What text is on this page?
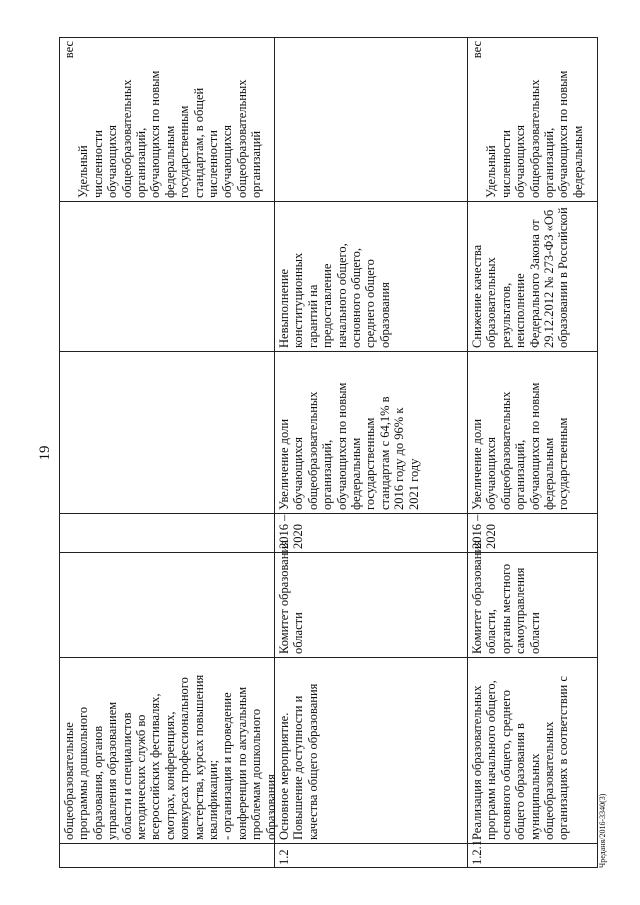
19
общеобразовательные программы дошкольного образования, органов управления образованием области и специалистов методических служб во всероссийских фестивалях, смотрах, конференциях, конкурсах профессионального мастерства, курсах повышения квалификации; - организация и проведение конференции по актуальным проблемам дошкольного образования
вес
Удельный численности обучающихся общеобразовательных организаций, обучающихся по новым федеральным государственным стандартам, в общей численности обучающихся общеобразовательных организаций
1.2
Основное мероприятие. Повышение доступности и качества общего образования
Комитет образования области
2016 – 2020
Увеличение доли обучающихся общеобразовательных организаций, обучающихся по новым федеральным государственным стандартам с 64,1% в 2016 году до 96% к 2021 году
Невыполнение конституционных гарантий на предоставление начального общего, основного общего, среднего общего образования
1.2.1
Реализация образовательных программ начального общего, основного общего, среднего общего образования в муниципальных общеобразовательных организациях в соответствии с
Комитет образования области, органы местного самоуправления области
2016 – 2020
Увеличение доли обучающихся общеобразовательных организаций, обучающихся по новым федеральным государственным
Снижение качества образовательных результатов, неисполнение Федерального Закона от 29.12.2012 № 273-ФЗ «Об образовании в Российской
вес
Удельный численности обучающихся общеобразовательных организаций, обучающихся по новым федеральным
Чреданя/2016-3340(3)
